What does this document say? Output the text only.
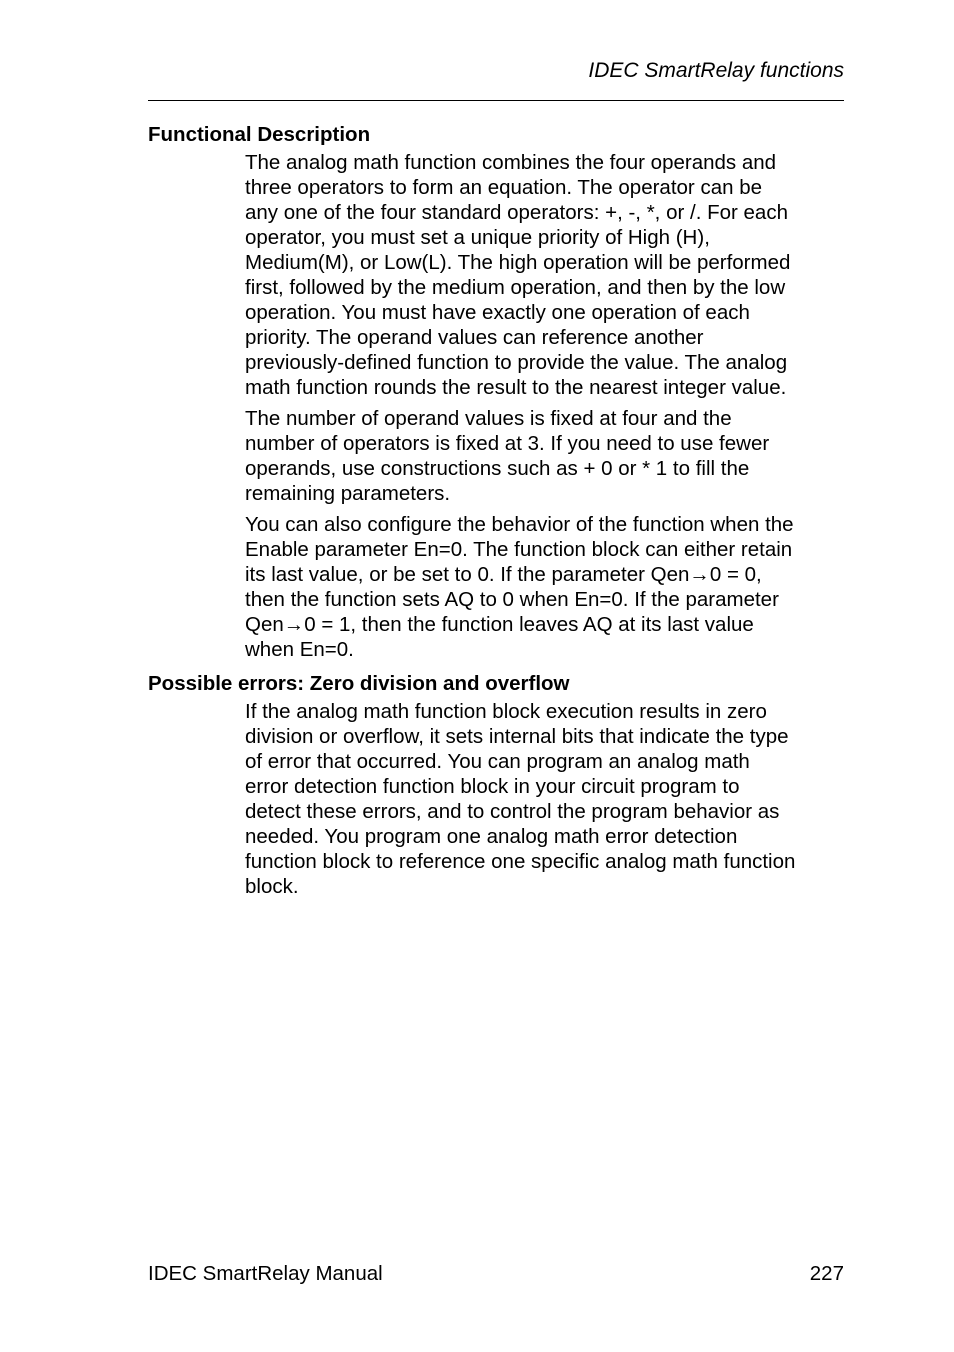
IDEC SmartRelay functions
Functional Description

The analog math function combines the four operands and
three operators to form an equation. The operator can be
any one of the four standard operators: +, -, *, or /. For each
operator, you must set a unique priority of High (H),
Medium(M), or Low(L). The high operation will be performed
first, followed by the medium operation, and then by the low
operation. You must have exactly one operation of each
priority. The operand values can reference another
previously-defined function to provide the value. The analog
math function rounds the result to the nearest integer value.

The number of operand values is fixed at four and the
number of operators is fixed at 3. If you need to use fewer
operands, use constructions such as + 0 or * 1 to fill the
remaining parameters.

You can also configure the behavior of the function when the
Enable parameter En=0. The function block can either retain
its last value, or be set to 0. If the parameter Qen→0 = 0,
then the function sets AQ to 0 when En=0. If the parameter
Qen→0 = 1, then the function leaves AQ at its last value
when En=0.

Possible errors: Zero division and overflow

If the analog math function block execution results in zero
division or overflow, it sets internal bits that indicate the type
of error that occurred. You can program an analog math
error detection function block in your circuit program to
detect these errors, and to control the program behavior as
needed. You program one analog math error detection
function block to reference one specific analog math function
block.

IDEC SmartRelay Manual	227
